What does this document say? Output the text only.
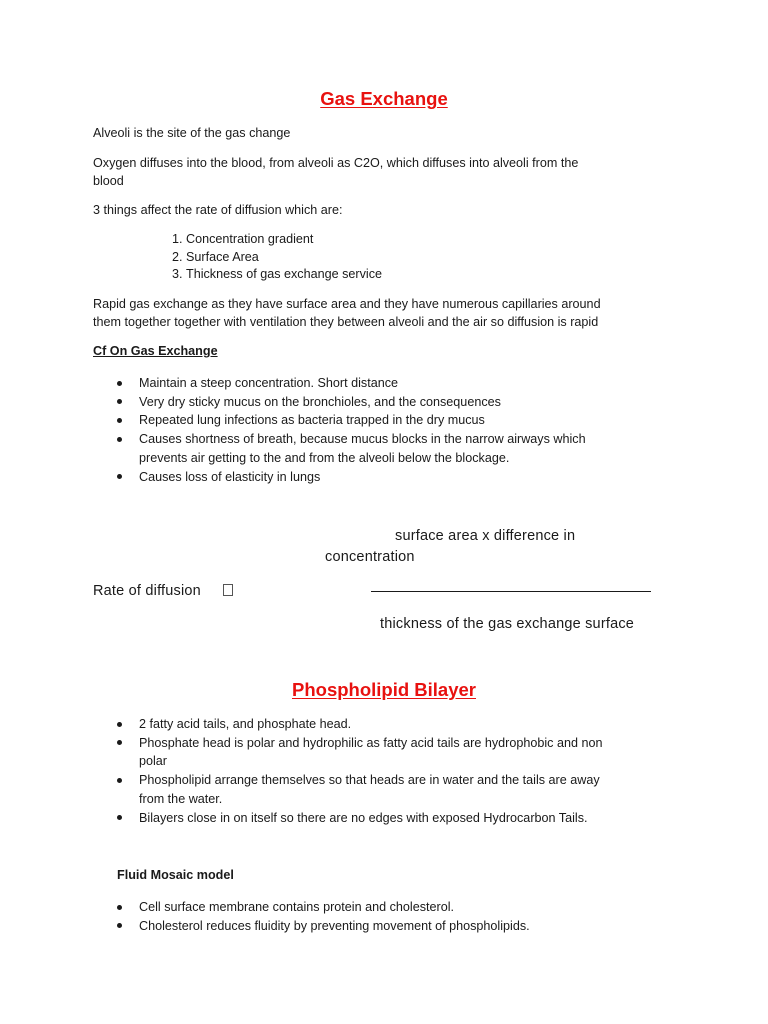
Gas Exchange

Alveoli is the site of the gas change

Oxygen diffuses into the blood, from alveoli as C2O, which diffuses into alveoli from the
blood

3 things affect the rate of diffusion which are:

1. Concentration gradient
2. Surface Area
3. Thickness of gas exchange service

Rapid gas exchange as they have surface area and they have numerous capillaries around
them together together with ventilation they between alveoli and the air so diffusion is rapid

Cf On Gas Exchange
Maintain a steep concentration. Short distance
Very dry sticky mucus on the bronchioles, and the consequences
Repeated lung infections as bacteria trapped in the dry mucus
Causes shortness of breath, because mucus blocks in the narrow airways which
prevents air getting to the and from the alveoli below the blockage.
Causes loss of elasticity in lungs
surface area x difference in
concentration
Rate of diffusion
thickness of the gas exchange surface
Phospholipid Bilayer
2 fatty acid tails, and phosphate head.
Phosphate head is polar and hydrophilic as fatty acid tails are hydrophobic and non
polar
Phospholipid arrange themselves so that heads are in water and the tails are away
from the water.
Bilayers close in on itself so there are no edges with exposed Hydrocarbon Tails.
Fluid Mosaic model
Cell surface membrane contains protein and cholesterol.
Cholesterol reduces fluidity by preventing movement of phospholipids.
